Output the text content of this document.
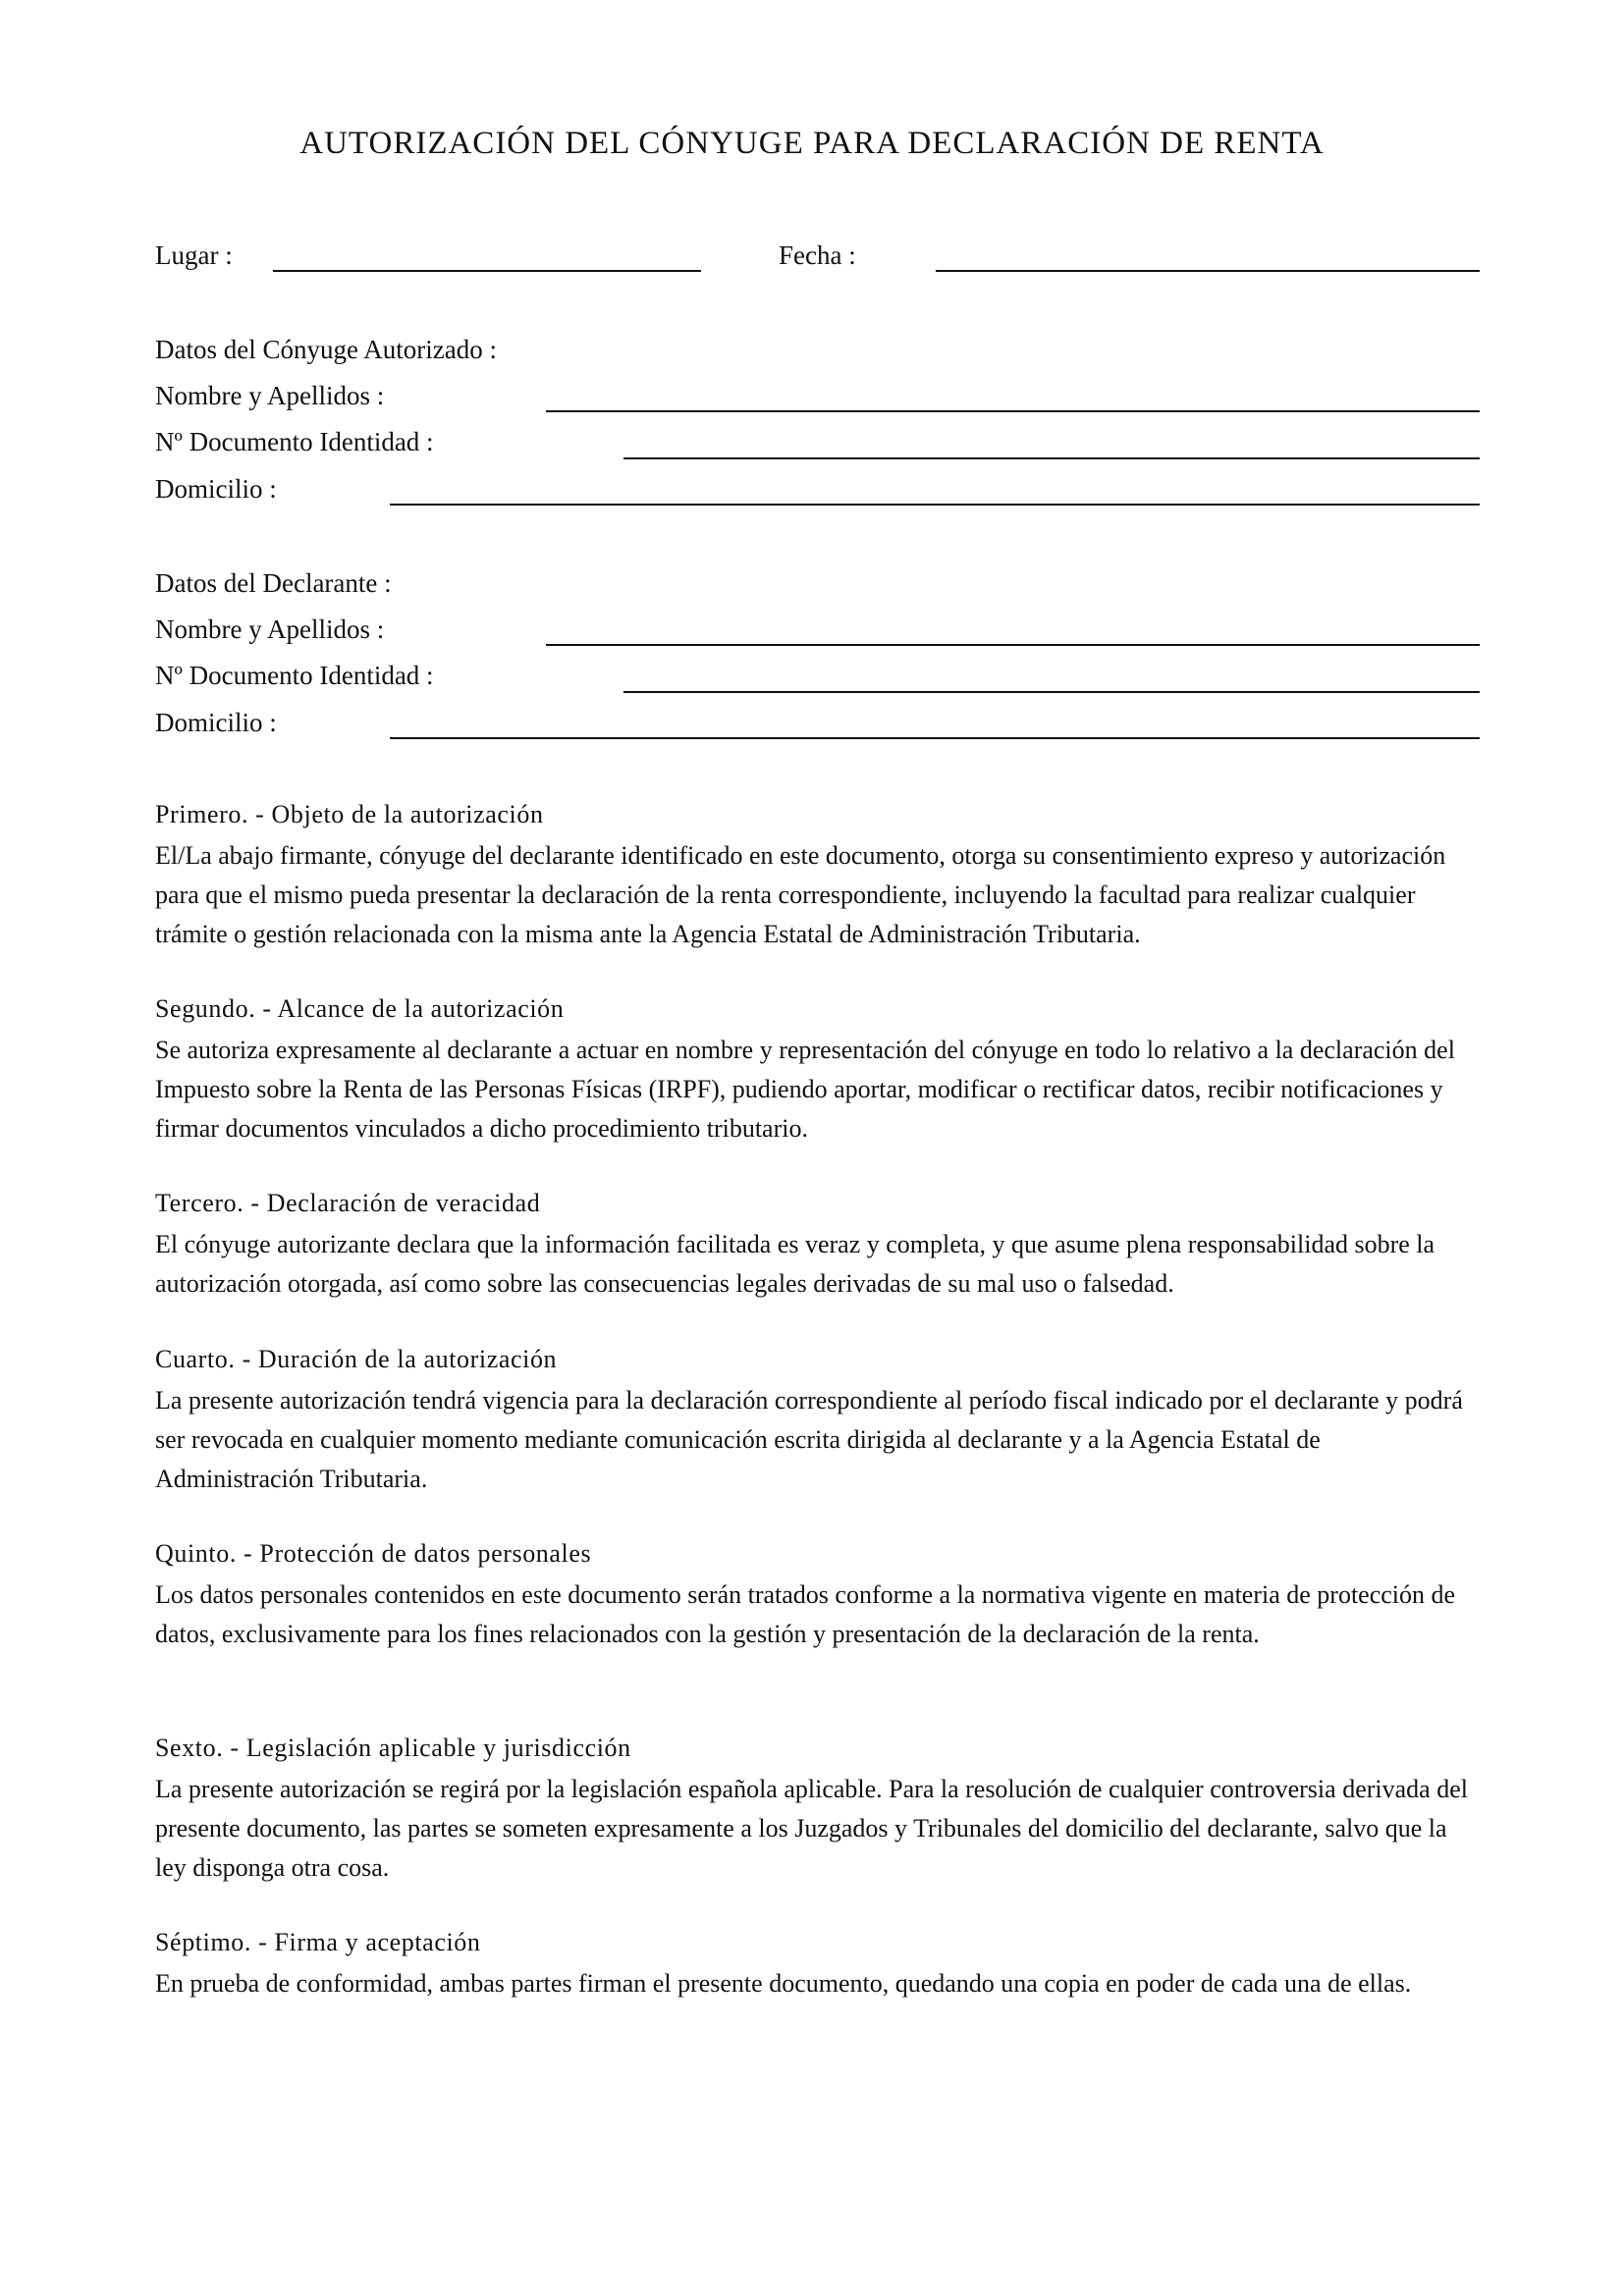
AUTORIZACIÓN DEL CÓNYUGE PARA DECLARACIÓN DE RENTA
Lugar :	Fecha :
Datos del Cónyuge Autorizado :
Nombre y Apellidos :
Nº Documento Identidad :
Domicilio :
Datos del Declarante :
Nombre y Apellidos :
Nº Documento Identidad :
Domicilio :
Primero. - Objeto de la autorización

El/La abajo firmante, cónyuge del declarante identificado en este documento, otorga su consentimiento expreso y autorización para que el mismo pueda presentar la declaración de la renta correspondiente, incluyendo la facultad para realizar cualquier trámite o gestión relacionada con la misma ante la Agencia Estatal de Administración Tributaria.

Segundo. - Alcance de la autorización

Se autoriza expresamente al declarante a actuar en nombre y representación del cónyuge en todo lo relativo a la declaración del Impuesto sobre la Renta de las Personas Físicas (IRPF), pudiendo aportar, modificar o rectificar datos, recibir notificaciones y firmar documentos vinculados a dicho procedimiento tributario.

Tercero. - Declaración de veracidad

El cónyuge autorizante declara que la información facilitada es veraz y completa, y que asume plena responsabilidad sobre la autorización otorgada, así como sobre las consecuencias legales derivadas de su mal uso o falsedad.

Cuarto. - Duración de la autorización

La presente autorización tendrá vigencia para la declaración correspondiente al período fiscal indicado por el declarante y podrá ser revocada en cualquier momento mediante comunicación escrita dirigida al declarante y a la Agencia Estatal de Administración Tributaria.

Quinto. - Protección de datos personales

Los datos personales contenidos en este documento serán tratados conforme a la normativa vigente en materia de protección de datos, exclusivamente para los fines relacionados con la gestión y presentación de la declaración de la renta.

Sexto. - Legislación aplicable y jurisdicción

La presente autorización se regirá por la legislación española aplicable. Para la resolución de cualquier controversia derivada del presente documento, las partes se someten expresamente a los Juzgados y Tribunales del domicilio del declarante, salvo que la ley disponga otra cosa.

Séptimo. - Firma y aceptación

En prueba de conformidad, ambas partes firman el presente documento, quedando una copia en poder de cada una de ellas.
